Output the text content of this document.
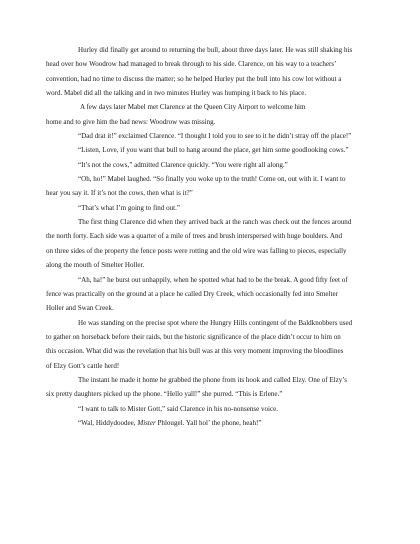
Hurley did finally get around to returning the bull, about three days later. He was still shaking his

head over how Woodrow had managed to break through to his side. Clarence, on his way to a teachers’

convention, had no time to discuss the matter; so he helped Hurley put the bull into his cow lot without a

word. Mabel did all the talking and in two minutes Hurley was humping it back to his place.

A few days later Mabel met Clarence at the Queen City Airport to welcome him

home and to give him the bad news: Woodrow was missing.

“Dad drat it!” exclaimed Clarence. “I thought I told you to see to it he didn’t stray off the place!”

“Listen, Love, if you want that bull to hang around the place, get him some goodlooking cows.”

“It’s not the cows,” admitted Clarence quickly. “You were right all along.”

“Oh, ho!” Mabel laughed. “So finally you woke up to the truth! Come on, out with it. I want to

hear you say it. If it’s not the cows, then what is it?”

“That’s what I’m going to find out.”

The first thing Clarence did when they arrived back at the ranch was check out the fences around

the north forty. Each side was a quarter of a mile of trees and brush interspersed with huge boulders. And

on three sides of the property the fence posts were rotting and the old wire was falling to pieces, especially

along the mouth of Smelter Holler.

“Ah, ha!” he burst out unhappily, when he spotted what had to be the break. A good fifty feet of

fence was practically on the ground at a place he called Dry Creek, which occasionally fed into Smelter

Holler and Swan Creek.

He was standing on the precise spot where the Hungry Hills contingent of the Baldknobbers used

to gather on horseback before their raids, but the historic significance of the place didn’t occur to him on

this occasion. What did was the revelation that his bull was at this very moment improving the bloodlines

of Elzy Gott’s cattle herd!

The instant he made it home he grabbed the phone from its hook and called Elzy. One of Elzy’s

six pretty daughters picked up the phone. “Hello yall!” she purred. “This is Erlene.”

“I want to talk to Mister Gott,” said Clarence in his no-nonsense voice.

“Wal, Hiddydoodee, Mister Phlougel. Yall hol’ the phone, heah!”
